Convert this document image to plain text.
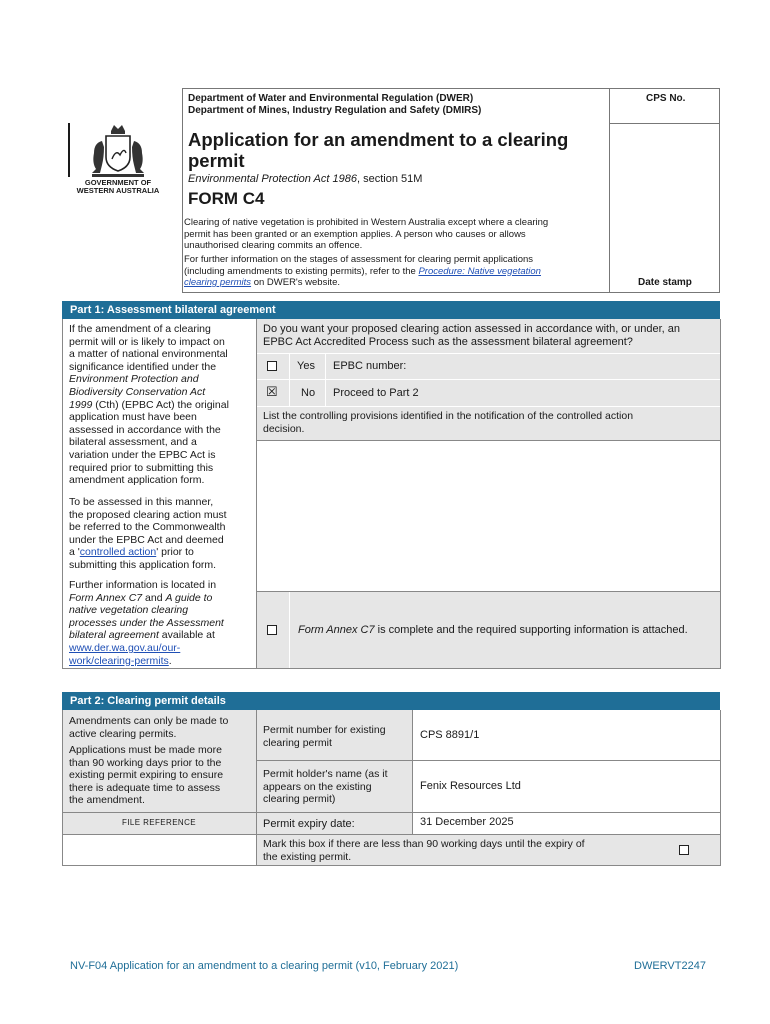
GOVERNMENT OF
WESTERN AUSTRALIA
Department of Water and Environmental Regulation (DWER)
Department of Mines, Industry Regulation and Safety (DMIRS)
CPS No.
Date stamp
Application for an amendment to a clearing
permit
Environmental Protection Act 1986, section 51M
FORM C4
Clearing of native vegetation is prohibited in Western Australia except where a clearing
permit has been granted or an exemption applies. A person who causes or allows
unauthorised clearing commits an offence.
For further information on the stages of assessment for clearing permit applications
(including amendments to existing permits), refer to the Procedure: Native vegetation
clearing permits on DWER's website.
Part 1: Assessment bilateral agreement
If the amendment of a clearing
permit will or is likely to impact on
a matter of national environmental
significance identified under the
Environment Protection and
Biodiversity Conservation Act
1999 (Cth) (EPBC Act) the original
application must have been
assessed in accordance with the
bilateral assessment, and a
variation under the EPBC Act is
required prior to submitting this
amendment application form.
To be assessed in this manner,
the proposed clearing action must
be referred to the Commonwealth
under the EPBC Act and deemed
a 'controlled action' prior to
submitting this application form.
Further information is located in
Form Annex C7 and A guide to
native vegetation clearing
processes under the Assessment
bilateral agreement available at
www.der.wa.gov.au/our-
work/clearing-permits.
Do you want your proposed clearing action assessed in accordance with, or under, an
EPBC Act Accredited Process such as the assessment bilateral agreement?
Yes EPBC number:
☒ No Proceed to Part 2
List the controlling provisions identified in the notification of the controlled action
decision.
Form Annex C7 is complete and the required supporting information is attached.
Part 2: Clearing permit details
Amendments can only be made to
active clearing permits.
Applications must be made more
than 90 working days prior to the
existing permit expiring to ensure
there is adequate time to assess
the amendment.
FILE REFERENCE
Permit number for existing
clearing permit
CPS 8891/1
Permit holder's name (as it
appears on the existing
clearing permit)
Fenix Resources Ltd
Permit expiry date:	31 December 2025
Mark this box if there are less than 90 working days until the expiry of
the existing permit.
NV-F04 Application for an amendment to a clearing permit (v10, February 2021)	DWERVT2247
